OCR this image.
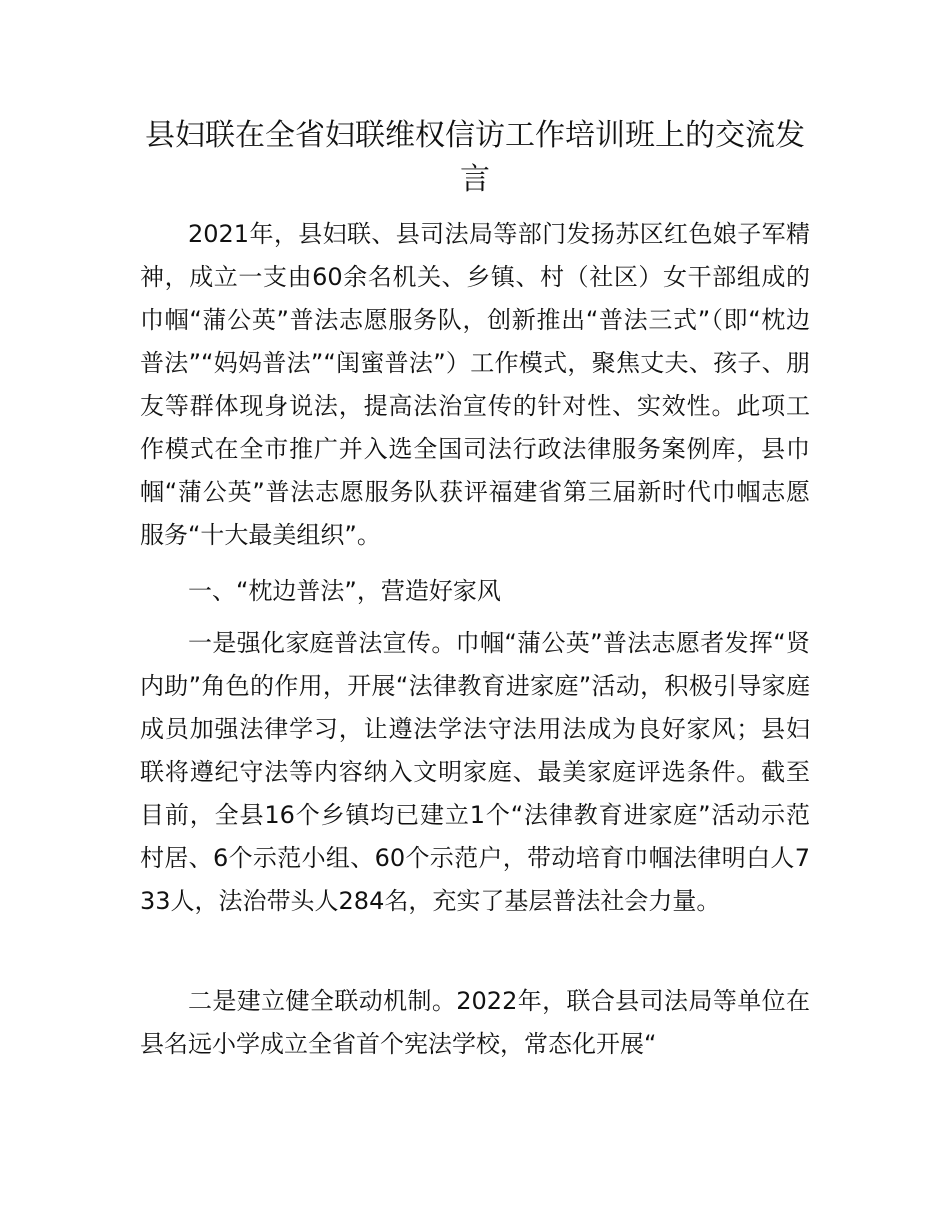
县妇联在全省妇联维权信访工作培训班上的交流发言

2021年，县妇联、县司法局等部门发扬苏区红色娘子军精神，成立一支由60余名机关、乡镇、村（社区）女干部组成的巾帼“蒲公英”普法志愿服务队，创新推出“普法三式”（即“枕边普法”“妈妈普法”“闺蜜普法”）工作模式，聚焦丈夫、孩子、朋友等群体现身说法，提高法治宣传的针对性、实效性。此项工作模式在全市推广并入选全国司法行政法律服务案例库，县巾帼“蒲公英”普法志愿服务队获评福建省第三届新时代巾帼志愿服务“十大最美组织”。

一、“枕边普法”，营造好家风

一是强化家庭普法宣传。巾帼“蒲公英”普法志愿者发挥“贤内助”角色的作用，开展“法律教育进家庭”活动，积极引导家庭成员加强法律学习，让遵法学法守法用法成为良好家风；县妇联将遵纪守法等内容纳入文明家庭、最美家庭评选条件。截至目前，全县16个乡镇均已建立1个“法律教育进家庭”活动示范村居、6个示范小组、60个示范户，带动培育巾帼法律明白人733人，法治带头人284名，充实了基层普法社会力量。

二是建立健全联动机制。2022年，联合县司法局等单位在县名远小学成立全省首个宪法学校，常态化开展“
